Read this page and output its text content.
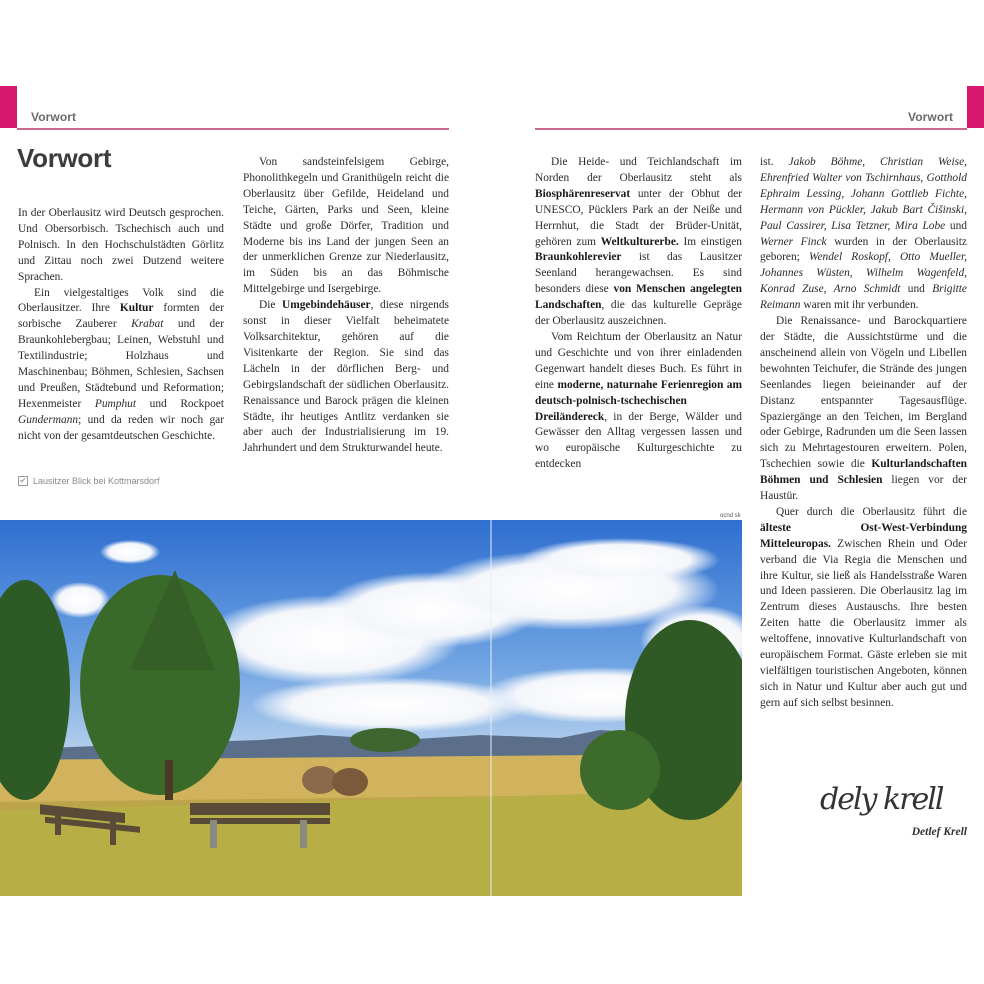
Vorwort	Vorwort
Vorwort

In der Oberlausitz wird Deutsch gesprochen. Und Obersorbisch. Tschechisch auch und Polnisch. In den Hochschulstädten Görlitz und Zittau noch zwei Dutzend weitere Sprachen.

Ein vielgestaltiges Volk sind die Oberlausitzer. Ihre Kultur formten der sorbische Zauberer Krabat und der Braunkohlebergbau; Leinen, Webstuhl und Textilindustrie; Holzhaus und Maschinenbau; Böhmen, Schlesien, Sachsen und Preußen, Städtebund und Reformation; Hexenmeister Pumphut und Rockpoet Gundermann; und da reden wir noch gar nicht von der gesamtdeutschen Geschichte.

Von sandsteinfelsigem Gebirge, Phonolithkegeln und Granithügeln reicht die Oberlausitz über Gefilde, Heideland und Teiche, Gärten, Parks und Seen, kleine Städte und große Dörfer, Tradition und Moderne bis ins Land der jungen Seen an der unmerklichen Grenze zur Niederlausitz, im Süden bis an das Böhmische Mittelgebirge und Isergebirge.

Die Umgebindehäuser, diese nirgends sonst in dieser Vielfalt beheimatete Volksarchitektur, gehören auf die Visitenkarte der Region. Sie sind das Lächeln in der dörflichen Berg- und Gebirgslandschaft der südlichen Oberlausitz. Renaissance und Barock prägen die kleinen Städte, ihr heutiges Antlitz verdanken sie aber auch der Industrialisierung im 19. Jahrhundert und dem Strukturwandel heute.

Die Heide- und Teichlandschaft im Norden der Oberlausitz steht als Biosphärenreservat unter der Obhut der UNESCO, Pücklers Park an der Neiße und Herrnhut, die Stadt der Brüder-Unität, gehören zum Weltkulturerbe. Im einstigen Braunkohlerevier ist das Lausitzer Seenland herangewachsen. Es sind besonders diese von Menschen angelegten Landschaften, die das kulturelle Gepräge der Oberlausitz auszeichnen.

Vom Reichtum der Oberlausitz an Natur und Geschichte und von ihrer einladenden Gegenwart handelt dieses Buch. Es führt in eine moderne, naturnahe Ferienregion am deutsch-polnisch-tschechischen Dreiländereck, in der Berge, Wälder und Gewässer den Alltag vergessen lassen und wo europäische Kulturgeschichte zu entdecken

ist. Jakob Böhme, Christian Weise, Ehrenfried Walter von Tschirnhaus, Gotthold Ephraim Lessing, Johann Gottlieb Fichte, Hermann von Pückler, Jakub Bart Čišinski, Paul Cassirer, Lisa Tetzner, Mira Lobe und Werner Finck wurden in der Oberlausitz geboren; Wendel Roskopf, Otto Mueller, Johannes Wüsten, Wilhelm Wagenfeld, Konrad Zuse, Arno Schmidt und Brigitte Reimann waren mit ihr verbunden.

Die Renaissance- und Barockquartiere der Städte, die Aussichtstürme und die anscheinend allein von Vögeln und Libellen bewohnten Teichufer, die Strände des jungen Seenlandes liegen beieinander auf der Distanz entspannter Tagesausflüge. Spaziergänge an den Teichen, im Bergland oder Gebirge, Radrunden um die Seen lassen sich zu Mehrtagestouren erweitern. Polen, Tschechien sowie die Kulturlandschaften Böhmen und Schlesien liegen vor der Haustür.

Quer durch die Oberlausitz führt die älteste Ost-West-Verbindung Mitteleuropas. Zwischen Rhein und Oder verband die Via Regia die Menschen und ihre Kultur, sie ließ als Handelsstraße Waren und Ideen passieren. Die Oberlausitz lag im Zentrum dieses Austauschs. Ihre besten Zeiten hatte die Oberlausitz immer als weltoffene, innovative Kulturlandschaft von europäischem Format. Gäste erleben sie mit vielfältigen touristischen Angeboten, können sich in Natur und Kultur aber auch gut und gern auf sich selbst besinnen.

Lausitzer Blick bei Kottmarsdorf
ocnd sk
dely krell
Detlef Krell
